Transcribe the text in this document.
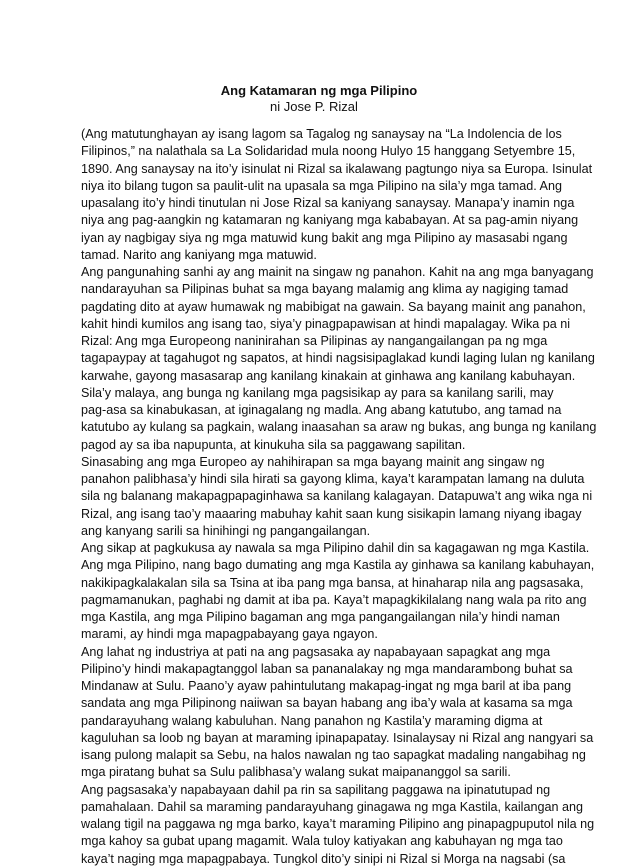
Ang Katamaran ng mga Pilipino
ni Jose P. Rizal
(Ang matutunghayan ay isang lagom sa Tagalog ng sanaysay na “La Indolencia de los
Filipinos,” na nalathala sa La Solidaridad mula noong Hulyo 15 hanggang Setyembre 15,
1890. Ang sanaysay na ito’y isinulat ni Rizal sa ikalawang pagtungo niya sa Europa. Isinulat
niya ito bilang tugon sa paulit-ulit na upasala sa mga Pilipino na sila’y mga tamad. Ang
upasalang ito’y hindi tinutulan ni Jose Rizal sa kaniyang sanaysay. Manapa’y inamin nga
niya ang pag-aangkin ng katamaran ng kaniyang mga kababayan. At sa pag-amin niyang
iyan ay nagbigay siya ng mga matuwid kung bakit ang mga Pilipino ay masasabi ngang
tamad. Narito ang kaniyang mga matuwid.
Ang pangunahing sanhi ay ang mainit na singaw ng panahon. Kahit na ang mga banyagang
nandarayuhan sa Pilipinas buhat sa mga bayang malamig ang klima ay nagiging tamad
pagdating dito at ayaw humawak ng mabibigat na gawain. Sa bayang mainit ang panahon,
kahit hindi kumilos ang isang tao, siya’y pinagpapawisan at hindi mapalagay. Wika pa ni
Rizal: Ang mga Europeong naninirahan sa Pilipinas ay nangangailangan pa ng mga
tagapaypay at tagahugot ng sapatos, at hindi nagsisipaglakad kundi laging lulan ng kanilang
karwahe, gayong masasarap ang kanilang kinakain at ginhawa ang kanilang kabuhayan.
Sila’y malaya, ang bunga ng kanilang mga pagsisikap ay para sa kanilang sarili, may
pag-asa sa kinabukasan, at iginagalang ng madla. Ang abang katutubo, ang tamad na
katutubo ay kulang sa pagkain, walang inaasahan sa araw ng bukas, ang bunga ng kanilang
pagod ay sa iba napupunta, at kinukuha sila sa paggawang sapilitan.
Sinasabing ang mga Europeo ay nahihirapan sa mga bayang mainit ang singaw ng
panahon palibhasa’y hindi sila hirati sa gayong klima, kaya’t karampatan lamang na duluta
sila ng balanang makapagpapaginhawa sa kanilang kalagayan. Datapuwa’t ang wika nga ni
Rizal, ang isang tao’y maaaring mabuhay kahit saan kung sisikapin lamang niyang ibagay
ang kanyang sarili sa hinihingi ng pangangailangan.
Ang sikap at pagkukusa ay nawala sa mga Pilipino dahil din sa kagagawan ng mga Kastila.
Ang mga Pilipino, nang bago dumating ang mga Kastila ay ginhawa sa kanilang kabuhayan,
nakikipagkalakalan sila sa Tsina at iba pang mga bansa, at hinaharap nila ang pagsasaka,
pagmamanukan, paghabi ng damit at iba pa. Kaya’t mapagkikilalang nang wala pa rito ang
mga Kastila, ang mga Pilipino bagaman ang mga pangangailangan nila’y hindi naman
marami, ay hindi mga mapagpabayang gaya ngayon.
Ang lahat ng industriya at pati na ang pagsasaka ay napabayaan sapagkat ang mga
Pilipino’y hindi makapagtanggol laban sa pananalakay ng mga mandarambong buhat sa
Mindanaw at Sulu. Paano’y ayaw pahintulutang makapag-ingat ng mga baril at iba pang
sandata ang mga Pilipinong naiiwan sa bayan habang ang iba’y wala at kasama sa mga
pandarayuhang walang kabuluhan. Nang panahon ng Kastila’y maraming digma at
kaguluhan sa loob ng bayan at maraming ipinapapatay. Isinalaysay ni Rizal ang nangyari sa
isang pulong malapit sa Sebu, na halos nawalan ng tao sapagkat madaling nangabihag ng
mga piratang buhat sa Sulu palibhasa’y walang sukat maipananggol sa sarili.
Ang pagsasaka’y napabayaan dahil pa rin sa sapilitang paggawa na ipinatutupad ng
pamahalaan. Dahil sa maraming pandarayuhang ginagawa ng mga Kastila, kailangan ang
walang tigil na paggawa ng mga barko, kaya’t maraming Pilipino ang pinapagpuputol nila ng
mga kahoy sa gubat upang magamit. Wala tuloy katiyakan ang kabuhayan ng mga tao
kaya’t naging mga mapagpabaya. Tungkol dito’y sinipi ni Rizal si Morga na nagsabi (sa
